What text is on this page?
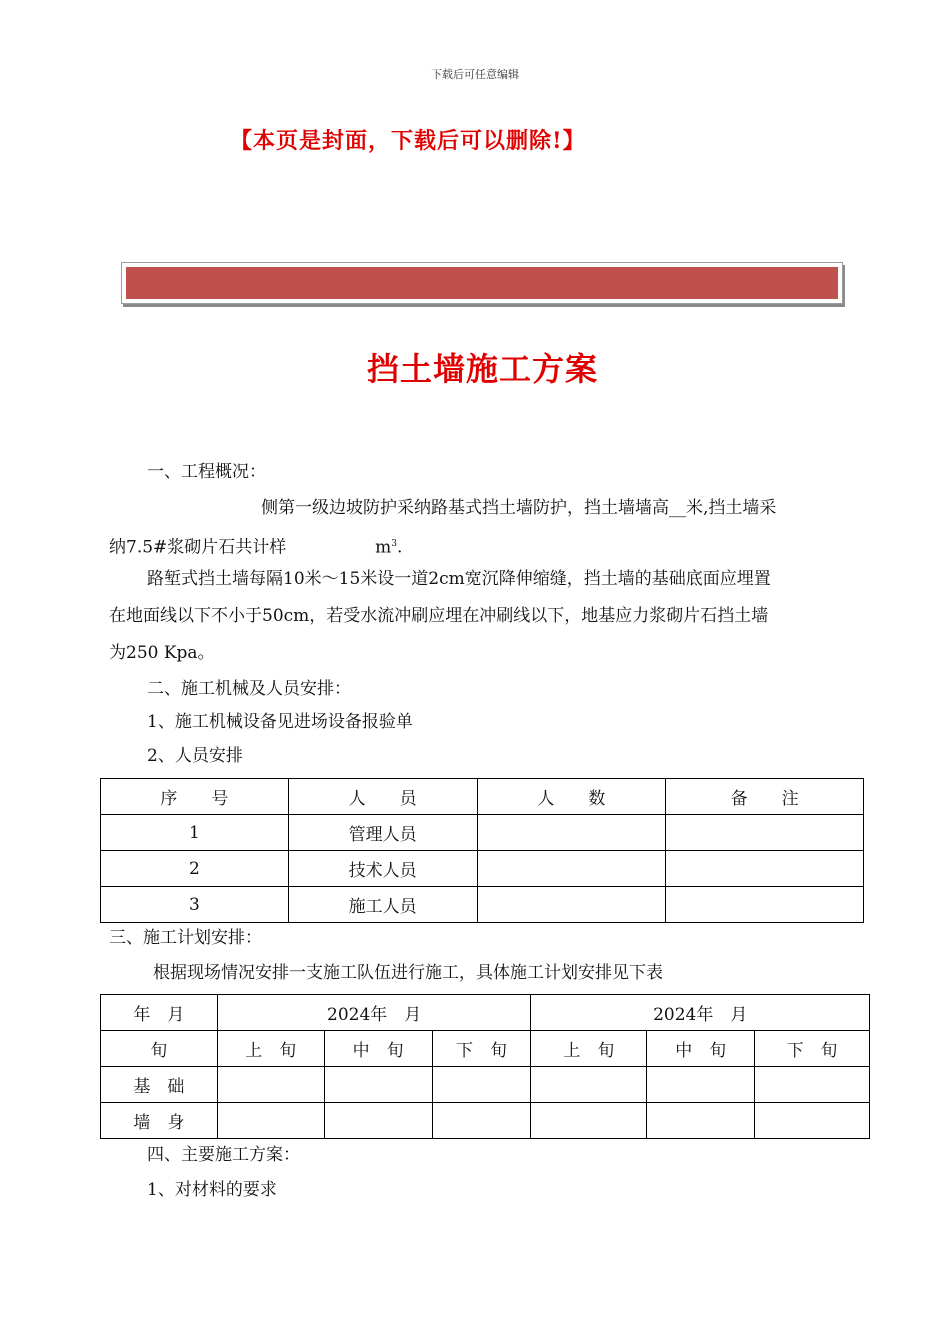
下载后可任意编辑
【本页是封面，下载后可以删除!】
挡土墙施工方案
一、工程概况：
侧第一级边坡防护采纳路基式挡土墙防护，挡土墙墙高__米,挡土墙采
纳7.5#浆砌片石共计样	$m^3$.
路堑式挡土墙每隔10米～15米设一道2cm宽沉降伸缩缝，挡土墙的基础底面应埋置
在地面线以下不小于50cm，若受水流冲刷应埋在冲刷线以下，地基应力浆砌片石挡土墙
为250 Kpa。
二、施工机械及人员安排：
1、施工机械设备见进场设备报验单
2、人员安排
序　　号	人　　员	人　　数	备　　注
1	管理人员		
2	技术人员		
3	施工人员		
三、施工计划安排：
根据现场情况安排一支施工队伍进行施工，具体施工计划安排见下表
年　月	2024年　月			2024年　月		
旬	上　旬	中　旬	下　旬	上　旬	中　旬	下　旬
基　础						
墙　身						
四、主要施工方案：
1、对材料的要求
